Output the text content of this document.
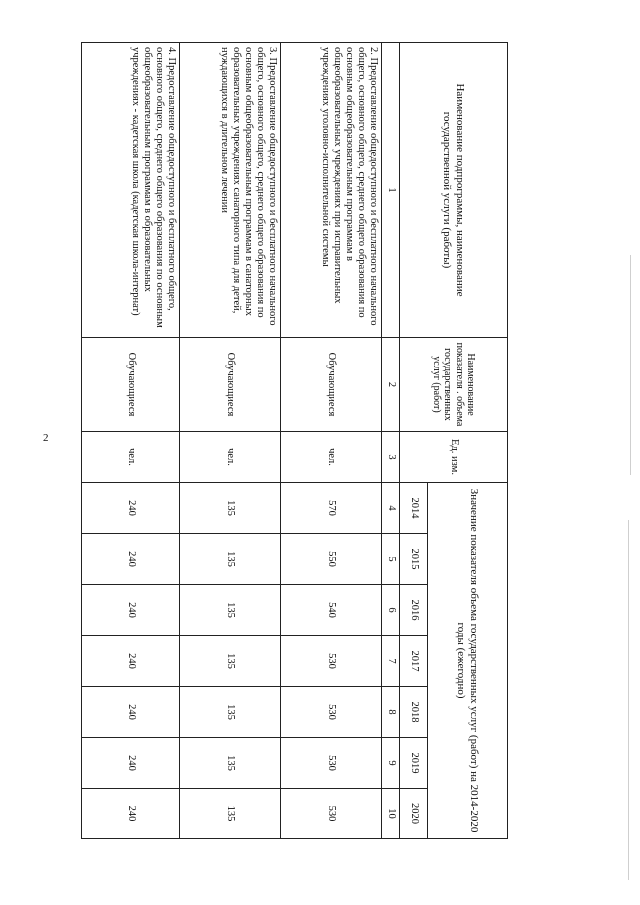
2
Наименование подпрограммы, наименование государственной услуги (работы)	Наименование показателя . объема государственных услуг (работ)	Ед. изм.	Значение показателя объема государственных услуг (работ) на 2014-2020 годы (ежегодно)						
			2014	2015	2016	2017	2018	2019	2020
1	2	3	4	5	6	7	8	9	10
2. Предоставление общедоступного и бесплатного начального общего, основного общего, среднего общего образования по основным общеобразовательным программам в общеобразовательных учреждениях при исправительных учреждениях уголовно-исполнительной системы	Обучающиеся	чел.	570	550	540	530	530	530	530
3. Предоставление общедоступного и бесплатного начального общего, основного общего, среднего общего образования по основным общеобразовательным программам в санаторных образовательных учреждениях санаторного типа для детей, нуждающихся в длительном лечении	Обучающиеся	чел.	135	135	135	135	135	135	135
4. Предоставление общедоступного и бесплатного общего, основного общего, среднего общего образования по основным общеобразовательным программам в образовательных учреждениях - кадетская школа (кадетская школа-интернат)	Обучающиеся	чел.	240	240	240	240	240	240	240
